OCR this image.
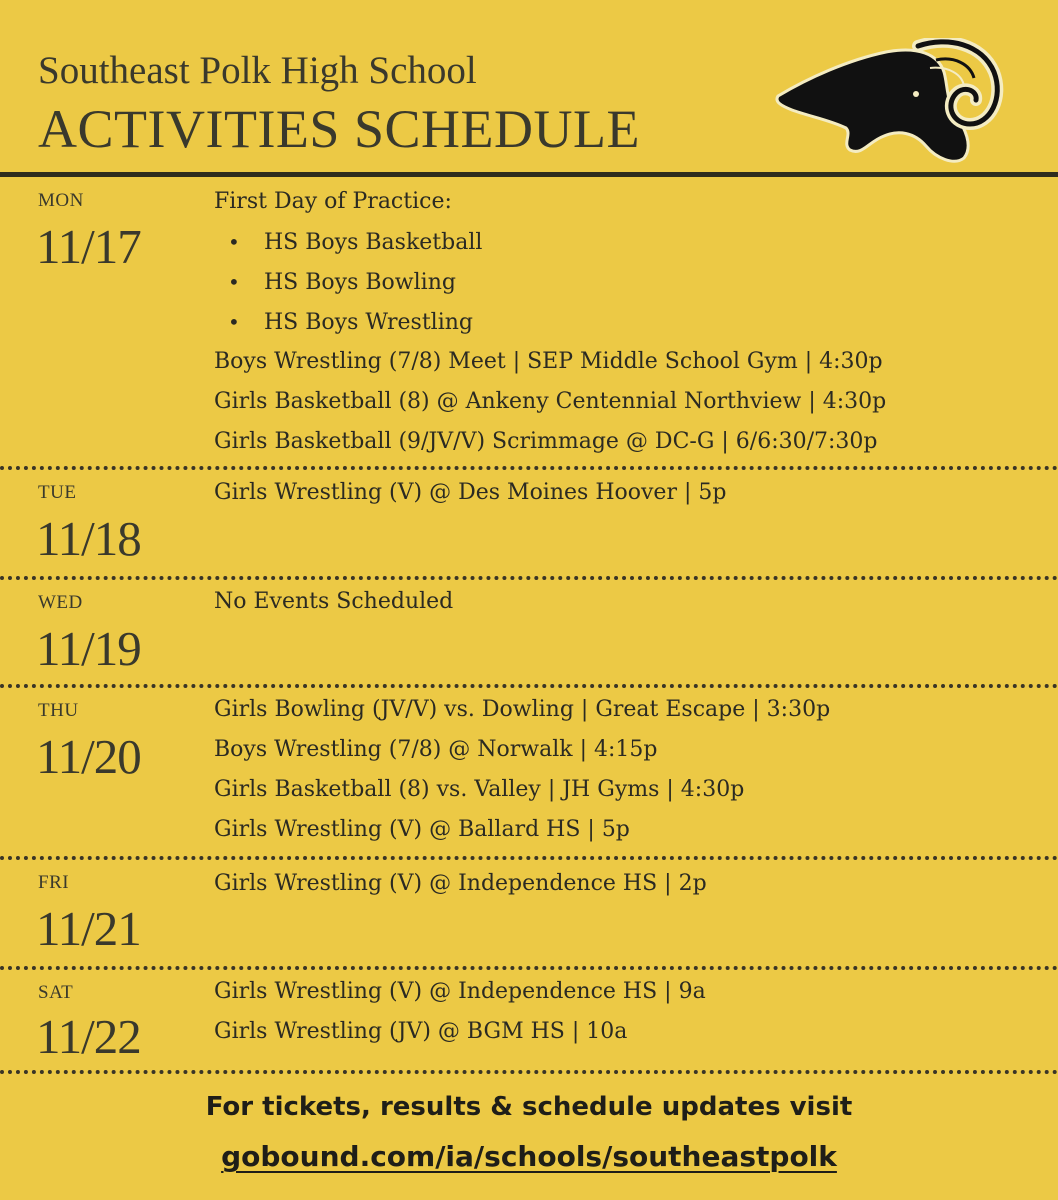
Southeast Polk High School
ACTIVITIES SCHEDULE
MON
11/17
First Day of Practice:
• HS Boys Basketball
• HS Boys Bowling
• HS Boys Wrestling
Boys Wrestling (7/8) Meet | SEP Middle School Gym | 4:30p
Girls Basketball (8) @ Ankeny Centennial Northview | 4:30p
Girls Basketball (9/JV/V) Scrimmage @ DC-G | 6/6:30/7:30p
TUE
11/18
Girls Wrestling (V) @ Des Moines Hoover | 5p
WED
11/19
No Events Scheduled
THU
11/20
Girls Bowling (JV/V) vs. Dowling | Great Escape | 3:30p
Boys Wrestling (7/8) @ Norwalk | 4:15p
Girls Basketball (8) vs. Valley | JH Gyms | 4:30p
Girls Wrestling (V) @ Ballard HS | 5p
FRI
11/21
Girls Wrestling (V) @ Independence HS | 2p
SAT
11/22
Girls Wrestling (V) @ Independence HS | 9a
Girls Wrestling (JV) @ BGM HS | 10a
For tickets, results & schedule updates visit
gobound.com/ia/schools/southeastpolk
